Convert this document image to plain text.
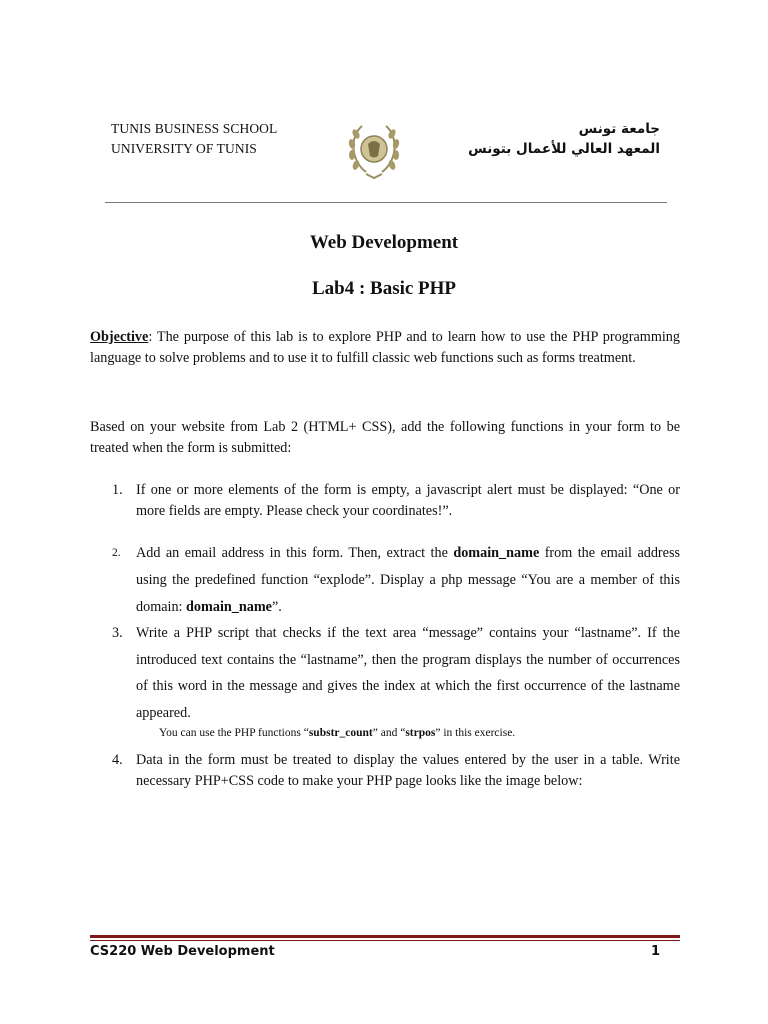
TUNIS BUSINESS SCHOOL
UNIVERSITY OF TUNIS
جامعة تونس
المعهد العالي للأعمال بتونس
Web Development
Lab4 : Basic PHP
Objective: The purpose of this lab is to explore PHP and to learn how to use the PHP programming language to solve problems and to use it to fulfill classic web functions such as forms treatment.
Based on your website from Lab 2 (HTML+ CSS), add the following functions in your form to be treated when the form is submitted:
1. If one or more elements of the form is empty, a javascript alert must be displayed: “One or more fields are empty. Please check your coordinates!”.
2. Add an email address in this form. Then, extract the domain_name from the email address using the predefined function “explode”. Display a php message “You are a member of this domain: domain_name”.
3. Write a PHP script that checks if the text area “message” contains your “lastname”. If the introduced text contains the “lastname”, then the program displays the number of occurrences of this word in the message and gives the index at which the first occurrence of the lastname appeared.
You can use the PHP functions “substr_count” and “strpos” in this exercise.
4. Data in the form must be treated to display the values entered by the user in a table. Write necessary PHP+CSS code to make your PHP page looks like the image below:
CS220 Web Development	1
